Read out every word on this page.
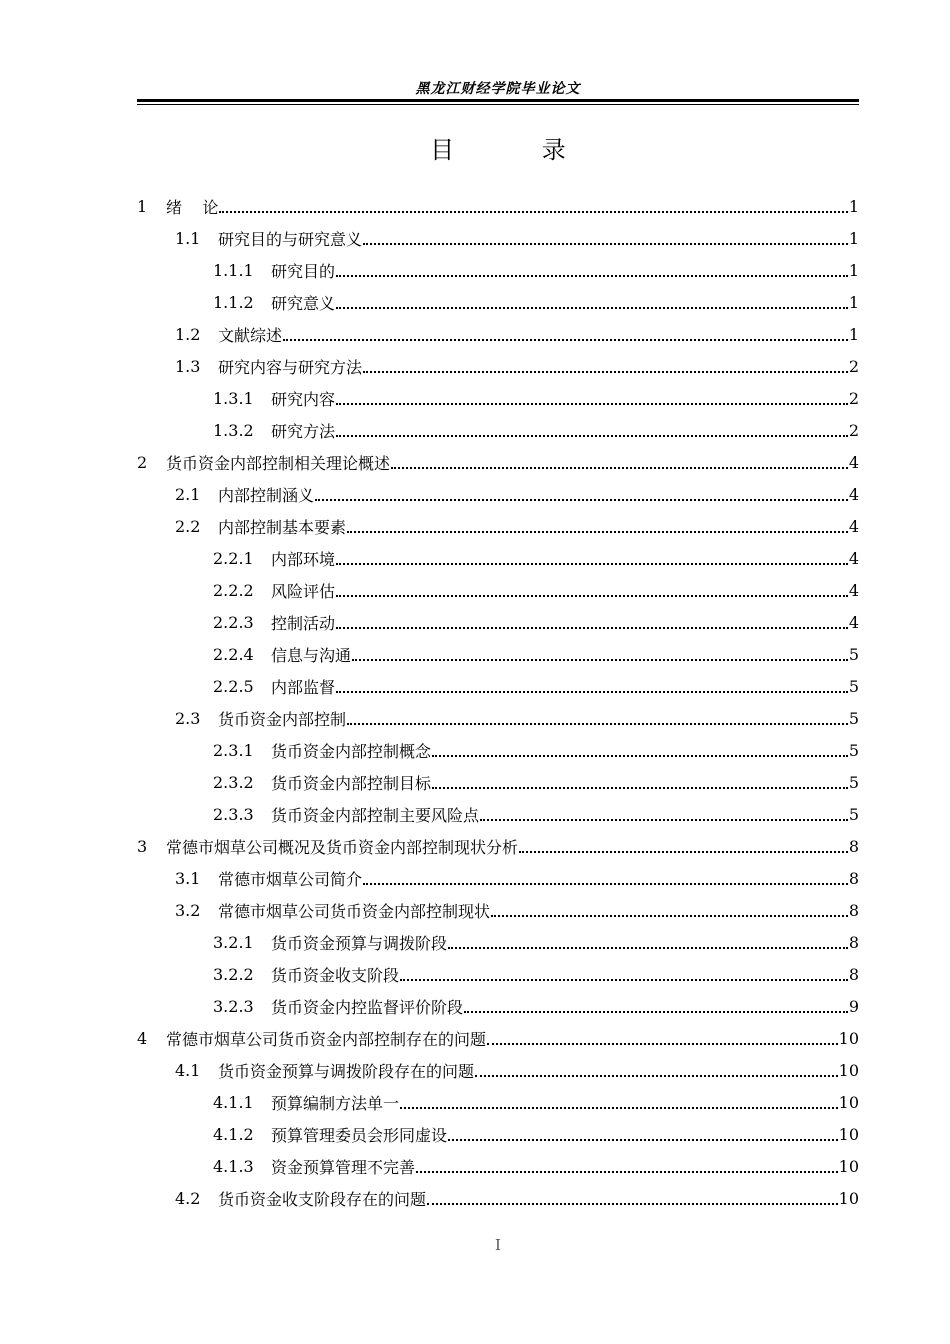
黑龙江财经学院毕业论文
目 录
1	绪    论	1
1.1	研究目的与研究意义	1
1.1.1	研究目的	1
1.1.2	研究意义	1
1.2	文献综述	1
1.3	研究内容与研究方法	2
1.3.1	研究内容	2
1.3.2	研究方法	2
2	货币资金内部控制相关理论概述	4
2.1	内部控制涵义	4
2.2	内部控制基本要素	4
2.2.1	内部环境	4
2.2.2	风险评估	4
2.2.3	控制活动	4
2.2.4	信息与沟通	5
2.2.5	内部监督	5
2.3	货币资金内部控制	5
2.3.1	货币资金内部控制概念	5
2.3.2	货币资金内部控制目标	5
2.3.3	货币资金内部控制主要风险点	5
3	常德市烟草公司概况及货币资金内部控制现状分析	8
3.1	常德市烟草公司简介	8
3.2	常德市烟草公司货币资金内部控制现状	8
3.2.1	货币资金预算与调拨阶段	8
3.2.2	货币资金收支阶段	8
3.2.3	货币资金内控监督评价阶段	9
4	常德市烟草公司货币资金内部控制存在的问题	10
4.1	货币资金预算与调拨阶段存在的问题	10
4.1.1	预算编制方法单一	10
4.1.2	预算管理委员会形同虚设	10
4.1.3	资金预算管理不完善	10
4.2	货币资金收支阶段存在的问题	10
I
